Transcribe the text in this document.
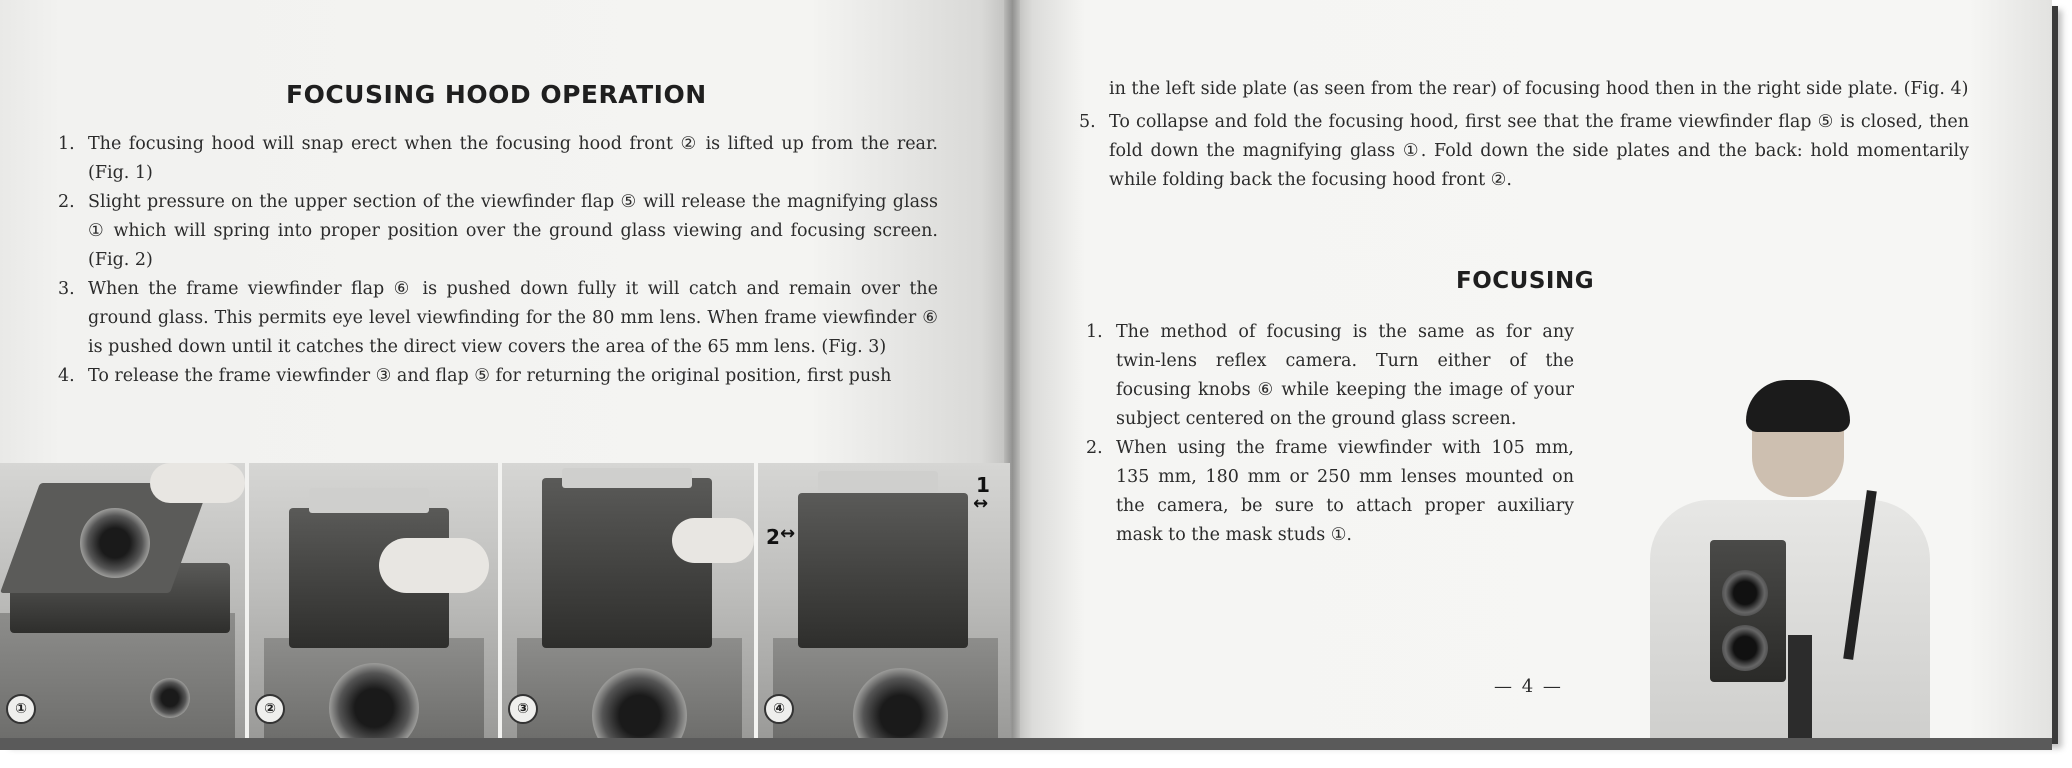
FOCUSING HOOD OPERATION
1. The focusing hood will snap erect when the focusing hood front ② is lifted up from the rear. (Fig. 1)
2. Slight pressure on the upper section of the viewfinder flap ⑤ will release the magnifying glass ① which will spring into proper position over the ground glass viewing and focusing screen. (Fig. 2)
3. When the frame viewfinder flap ⑥ is pushed down fully it will catch and remain over the ground glass. This permits eye level viewfinding for the 80 mm lens. When frame viewfinder ⑥ is pushed down until it catches the direct view covers the area of the 65 mm lens. (Fig. 3)
4. To release the frame viewfinder ③ and flap ⑤ for returning the original position, first push
①	②	③
2 ↔
1
↔
④
in the left side plate (as seen from the rear) of focusing hood then in the right side plate. (Fig. 4)
5. To collapse and fold the focusing hood, first see that the frame viewfinder flap ⑤ is closed, then fold down the magnifying glass ①. Fold down the side plates and the back: hold momentarily while folding back the focusing hood front ②.
FOCUSING
1. The method of focusing is the same as for any twin-lens reflex camera. Turn either of the focusing knobs ⑥ while keeping the image of your subject centered on the ground glass screen.
2. When using the frame viewfinder with 105 mm, 135 mm, 180 mm or 250 mm lenses mounted on the camera, be sure to attach proper auxiliary mask to the mask studs ①.
— 4 —
